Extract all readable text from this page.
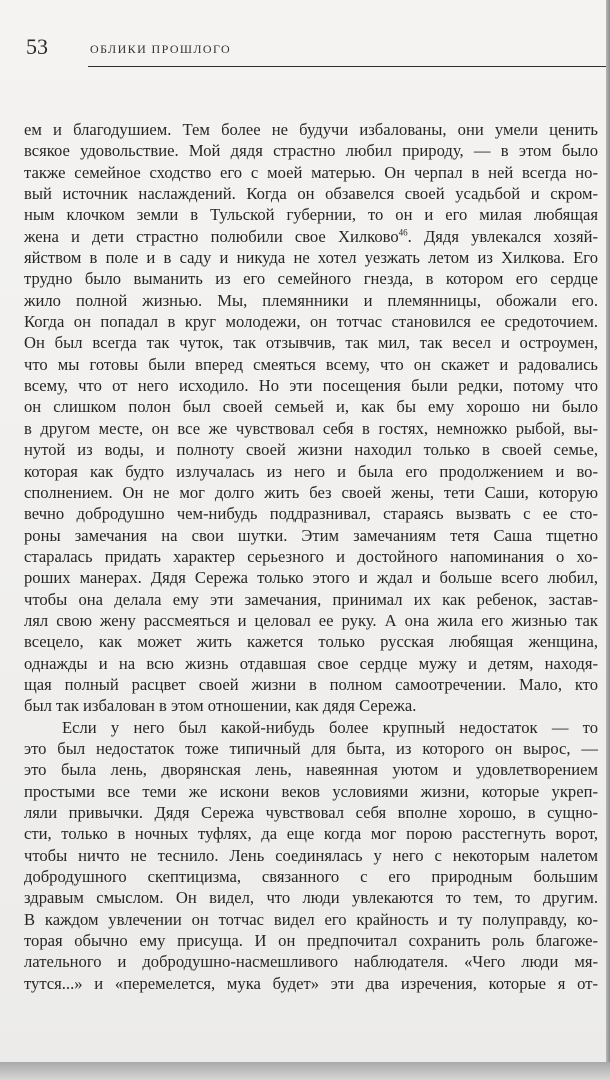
53	ОБЛИКИ ПРОШЛОГО
ем и благодушием. Тем более не будучи избалованы, они умели ценить
всякое удовольствие. Мой дядя страстно любил природу, — в этом было
также семейное сходство его с моей матерью. Он черпал в ней всегда но-
вый источник наслаждений. Когда он обзавелся своей усадьбой и скром-
ным клочком земли в Тульской губернии, то он и его милая любящая
жена и дети страстно полюбили свое Хилково$^{46}$. Дядя увлекался хозяй-
яйством в поле и в саду и никуда не хотел уезжать летом из Хилкова. Его
трудно было выманить из его семейного гнезда, в котором его сердце
жило полной жизнью. Мы, племянники и племянницы, обожали его.
Когда он попадал в круг молодежи, он тотчас становился ее средоточием.
Он был всегда так чуток, так отзывчив, так мил, так весел и остроумен,
что мы готовы были вперед смеяться всему, что он скажет и радовались
всему, что от него исходило. Но эти посещения были редки, потому что
он слишком полон был своей семьей и, как бы ему хорошо ни было
в другом месте, он все же чувствовал себя в гостях, немножко рыбой, вы-
нутой из воды, и полноту своей жизни находил только в своей семье,
которая как будто излучалась из него и была его продолжением и во-
сполнением. Он не мог долго жить без своей жены, тети Саши, которую
вечно добродушно чем-нибудь поддразнивал, стараясь вызвать с ее сто-
роны замечания на свои шутки. Этим замечаниям тетя Саша тщетно
старалась придать характер серьезного и достойного напоминания о хо-
роших манерах. Дядя Сережа только этого и ждал и больше всего любил,
чтобы она делала ему эти замечания, принимал их как ребенок, застав-
лял свою жену рассмеяться и целовал ее руку. А она жила его жизнью так
всецело, как может жить кажется только русская любящая женщина,
однажды и на всю жизнь отдавшая свое сердце мужу и детям, находя-
щая полный расцвет своей жизни в полном самоотречении. Мало, кто
был так избалован в этом отношении, как дядя Сережа.
Если у него был какой-нибудь более крупный недостаток — то
это был недостаток тоже типичный для быта, из которого он вырос, —
это была лень, дворянская лень, навеянная уютом и удовлетворением
простыми все теми же искони веков условиями жизни, которые укреп-
ляли привычки. Дядя Сережа чувствовал себя вполне хорошо, в сущно-
сти, только в ночных туфлях, да еще когда мог порою расстегнуть ворот,
чтобы ничто не теснило. Лень соединялась у него с некоторым налетом
добродушного скептицизма, связанного с его природным большим
здравым смыслом. Он видел, что люди увлекаются то тем, то другим.
В каждом увлечении он тотчас видел его крайность и ту полуправду, ко-
торая обычно ему присуща. И он предпочитал сохранить роль благоже-
лательного и добродушно-насмешливого наблюдателя. «Чего люди мя-
тутся...» и «перемелется, мука будет» эти два изречения, которые я от-
